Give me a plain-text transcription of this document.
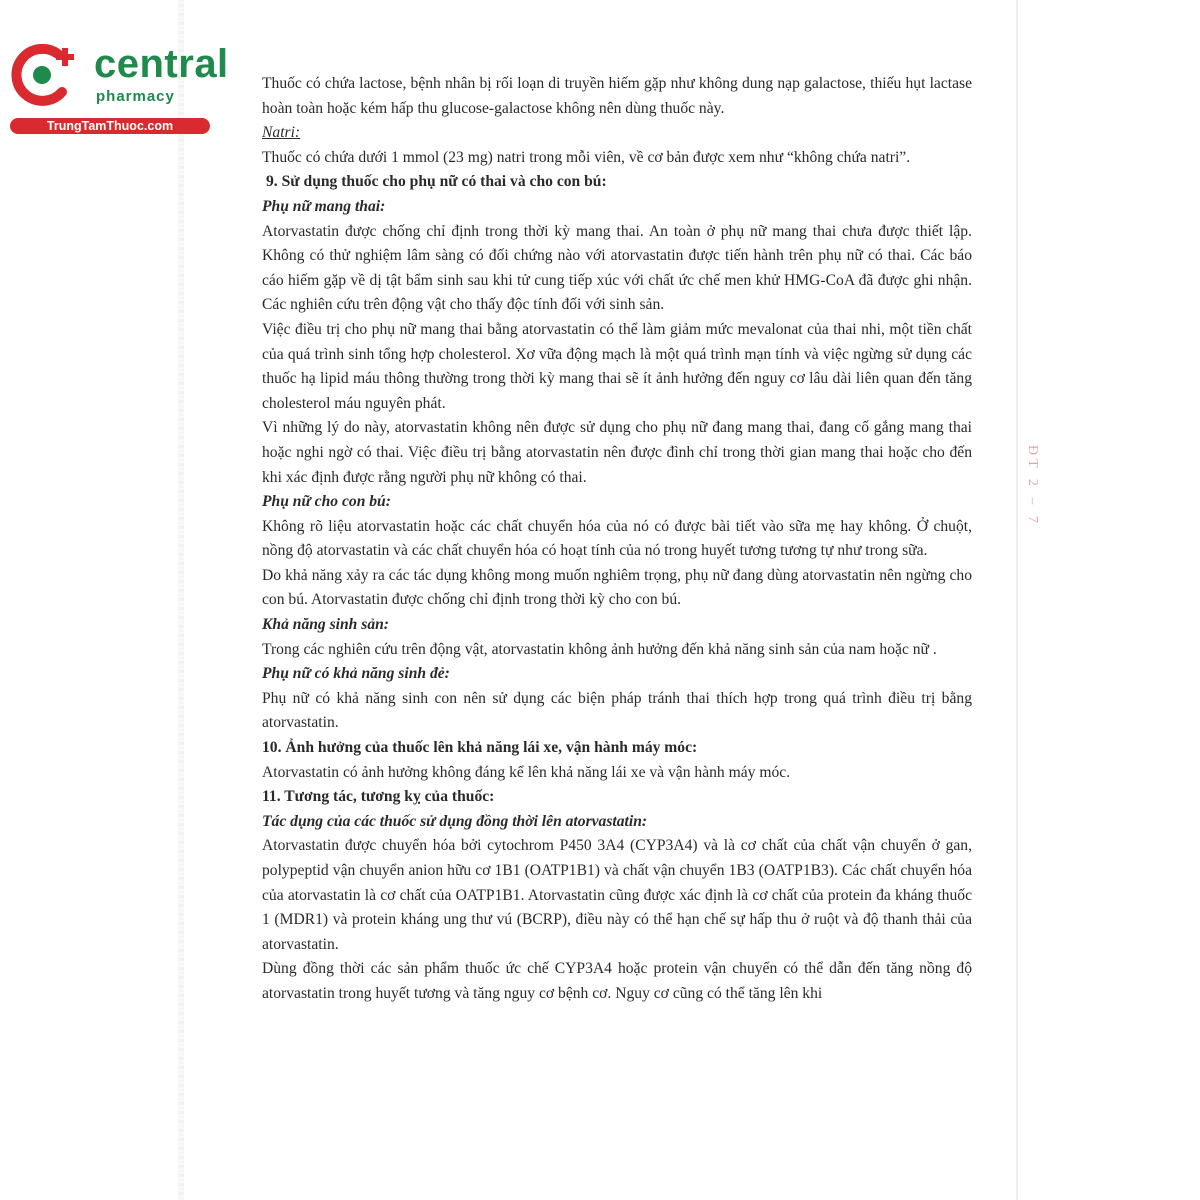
central
pharmacy
TrungTamThuoc.com
ĐT 2 – 7

Thuốc có chứa lactose, bệnh nhân bị rối loạn di truyền hiếm gặp như không dung nạp galactose, thiếu hụt lactase hoàn toàn hoặc kém hấp thu glucose-galactose không nên dùng thuốc này.

Natri:

Thuốc có chứa dưới 1 mmol (23 mg) natri trong mỗi viên, về cơ bản được xem như “không chứa natri”.

9. Sử dụng thuốc cho phụ nữ có thai và cho con bú:

Phụ nữ mang thai:

Atorvastatin được chống chỉ định trong thời kỳ mang thai. An toàn ở phụ nữ mang thai chưa được thiết lập. Không có thử nghiệm lâm sàng có đối chứng nào với atorvastatin được tiến hành trên phụ nữ có thai. Các báo cáo hiếm gặp về dị tật bẩm sinh sau khi tử cung tiếp xúc với chất ức chế men khử HMG-CoA đã được ghi nhận. Các nghiên cứu trên động vật cho thấy độc tính đối với sinh sản.

Việc điều trị cho phụ nữ mang thai bằng atorvastatin có thể làm giảm mức mevalonat của thai nhi, một tiền chất của quá trình sinh tổng hợp cholesterol. Xơ vữa động mạch là một quá trình mạn tính và việc ngừng sử dụng các thuốc hạ lipid máu thông thường trong thời kỳ mang thai sẽ ít ảnh hưởng đến nguy cơ lâu dài liên quan đến tăng cholesterol máu nguyên phát.

Vì những lý do này, atorvastatin không nên được sử dụng cho phụ nữ đang mang thai, đang cố gắng mang thai hoặc nghi ngờ có thai. Việc điều trị bằng atorvastatin nên được đình chỉ trong thời gian mang thai hoặc cho đến khi xác định được rằng người phụ nữ không có thai.

Phụ nữ cho con bú:

Không rõ liệu atorvastatin hoặc các chất chuyển hóa của nó có được bài tiết vào sữa mẹ hay không. Ở chuột, nồng độ atorvastatin và các chất chuyển hóa có hoạt tính của nó trong huyết tương tương tự như trong sữa.

Do khả năng xảy ra các tác dụng không mong muốn nghiêm trọng, phụ nữ đang dùng atorvastatin nên ngừng cho con bú. Atorvastatin được chống chỉ định trong thời kỳ cho con bú.

Khả năng sinh sản:

Trong các nghiên cứu trên động vật, atorvastatin không ảnh hưởng đến khả năng sinh sản của nam hoặc nữ .

Phụ nữ có khả năng sinh đẻ:

Phụ nữ có khả năng sinh con nên sử dụng các biện pháp tránh thai thích hợp trong quá trình điều trị bằng atorvastatin.

10. Ảnh hưởng của thuốc lên khả năng lái xe, vận hành máy móc:

Atorvastatin có ảnh hưởng không đáng kể lên khả năng lái xe và vận hành máy móc.

11. Tương tác, tương kỵ của thuốc:

Tác dụng của các thuốc sử dụng đồng thời lên atorvastatin:

Atorvastatin được chuyển hóa bởi cytochrom P450 3A4 (CYP3A4) và là cơ chất của chất vận chuyển ở gan, polypeptid vận chuyển anion hữu cơ 1B1 (OATP1B1) và chất vận chuyển 1B3 (OATP1B3). Các chất chuyển hóa của atorvastatin là cơ chất của OATP1B1. Atorvastatin cũng được xác định là cơ chất của protein đa kháng thuốc 1 (MDR1) và protein kháng ung thư vú (BCRP), điều này có thể hạn chế sự hấp thu ở ruột và độ thanh thải của atorvastatin.

Dùng đồng thời các sản phẩm thuốc ức chế CYP3A4 hoặc protein vận chuyển có thể dẫn đến tăng nồng độ atorvastatin trong huyết tương và tăng nguy cơ bệnh cơ. Nguy cơ cũng có thể tăng lên khi
